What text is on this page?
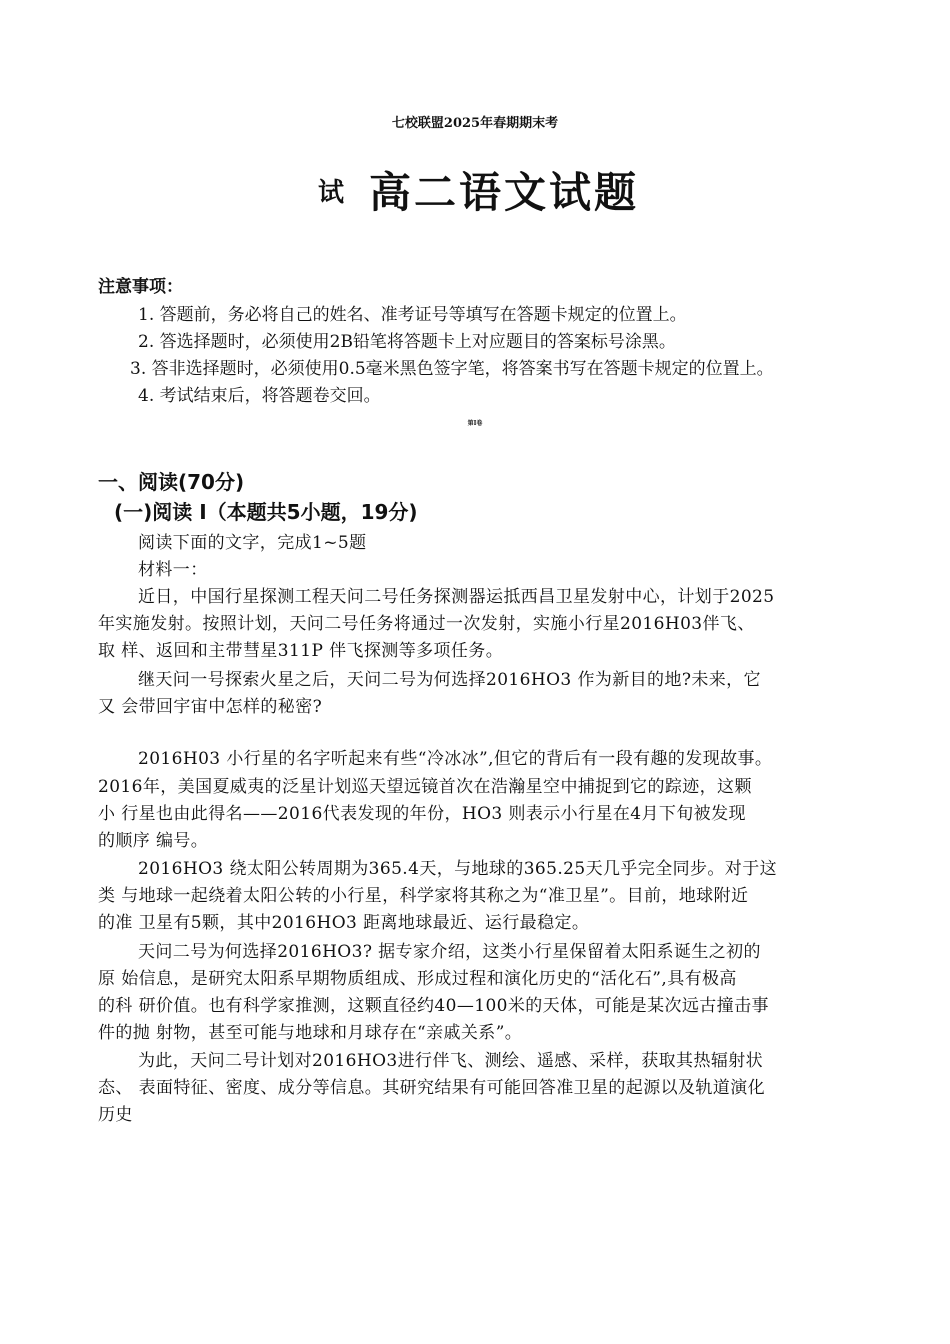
七校联盟2025年春期期末考
试 高二语文试题
注意事项：
1. 答题前，务必将自己的姓名、准考证号等填写在答题卡规定的位置上。
2. 答选择题时，必须使用2B铅笔将答题卡上对应题目的答案标号涂黑。
3. 答非选择题时，必须使用0.5毫米黑色签字笔，将答案书写在答题卡规定的位置上。
4. 考试结束后，将答题卷交回。
第Ⅰ卷
一、阅读(70分)
(一)阅读 Ⅰ（本题共5小题，19分)
阅读下面的文字，完成1~5题
材料一：
近日，中国行星探测工程天问二号任务探测器运抵西昌卫星发射中心，计划于2025
年实施发射。按照计划，天问二号任务将通过一次发射，实施小行星2016H03伴飞、
取 样、返回和主带彗星311P 伴飞探测等多项任务。
继天问一号探索火星之后，天问二号为何选择2016HO3 作为新目的地?未来，它
又 会带回宇宙中怎样的秘密?
2016H03 小行星的名字听起来有些“冷冰冰”,但它的背后有一段有趣的发现故事。
2016年，美国夏威夷的泛星计划巡天望远镜首次在浩瀚星空中捕捉到它的踪迹，这颗
小 行星也由此得名——2016代表发现的年份，HO3 则表示小行星在4月下旬被发现
的顺序 编号。
2016HO3 绕太阳公转周期为365.4天，与地球的365.25天几乎完全同步。对于这
类 与地球一起绕着太阳公转的小行星，科学家将其称之为“准卫星”。目前，地球附近
的准 卫星有5颗，其中2016HO3 距离地球最近、运行最稳定。
天问二号为何选择2016HO3? 据专家介绍，这类小行星保留着太阳系诞生之初的
原 始信息，是研究太阳系早期物质组成、形成过程和演化历史的“活化石”,具有极高
的科 研价值。也有科学家推测，这颗直径约40—100米的天体，可能是某次远古撞击事
件的抛 射物，甚至可能与地球和月球存在“亲戚关系”。
为此，天问二号计划对2016HO3进行伴飞、测绘、遥感、采样，获取其热辐射状
态、 表面特征、密度、成分等信息。其研究结果有可能回答准卫星的起源以及轨道演化
历史
